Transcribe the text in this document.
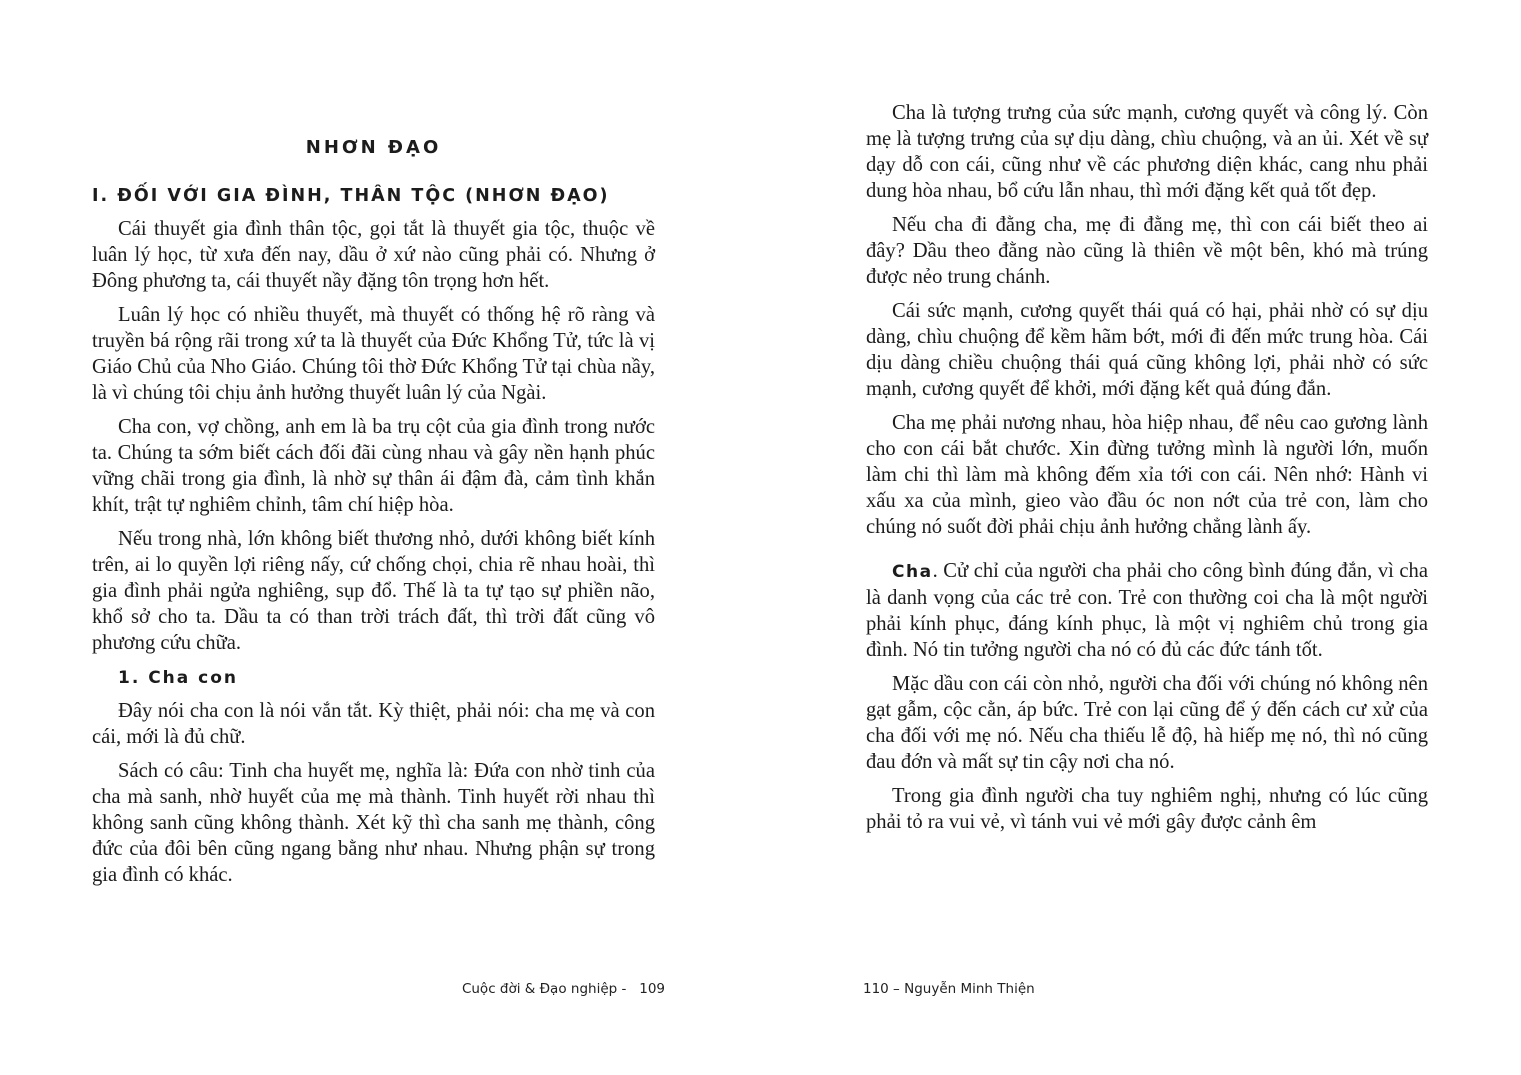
NHƠN ĐẠO
I. ĐỐI VỚI GIA ĐÌNH, THÂN TỘC (NHƠN ĐẠO)

Cái thuyết gia đình thân tộc, gọi tắt là thuyết gia tộc, thuộc về luân lý học, từ xưa đến nay, dầu ở xứ nào cũng phải có. Nhưng ở Đông phương ta, cái thuyết nầy đặng tôn trọng hơn hết.

Luân lý học có nhiều thuyết, mà thuyết có thống hệ rõ ràng và truyền bá rộng rãi trong xứ ta là thuyết của Đức Khổng Tử, tức là vị Giáo Chủ của Nho Giáo. Chúng tôi thờ Đức Khổng Tử tại chùa nầy, là vì chúng tôi chịu ảnh hưởng thuyết luân lý của Ngài.

Cha con, vợ chồng, anh em là ba trụ cột của gia đình trong nước ta. Chúng ta sớm biết cách đối đãi cùng nhau và gây nền hạnh phúc vững chãi trong gia đình, là nhờ sự thân ái đậm đà, cảm tình khắn khít, trật tự nghiêm chỉnh, tâm chí hiệp hòa.

Nếu trong nhà, lớn không biết thương nhỏ, dưới không biết kính trên, ai lo quyền lợi riêng nấy, cứ chống chọi, chia rẽ nhau hoài, thì gia đình phải ngửa nghiêng, sụp đổ. Thế là ta tự tạo sự phiền não, khổ sở cho ta. Dầu ta có than trời trách đất, thì trời đất cũng vô phương cứu chữa.

1. Cha con

Đây nói cha con là nói vắn tắt. Kỳ thiệt, phải nói: cha mẹ và con cái, mới là đủ chữ.

Sách có câu: Tinh cha huyết mẹ, nghĩa là: Đứa con nhờ tinh của cha mà sanh, nhờ huyết của mẹ mà thành. Tinh huyết rời nhau thì không sanh cũng không thành. Xét kỹ thì cha sanh mẹ thành, công đức của đôi bên cũng ngang bằng như nhau. Nhưng phận sự trong gia đình có khác.

Cuộc đời & Đạo nghiệp -   109

Cha là tượng trưng của sức mạnh, cương quyết và công lý. Còn mẹ là tượng trưng của sự dịu dàng, chìu chuộng, và an ủi. Xét về sự dạy dỗ con cái, cũng như về các phương diện khác, cang nhu phải dung hòa nhau, bổ cứu lẫn nhau, thì mới đặng kết quả tốt đẹp.

Nếu cha đi đằng cha, mẹ đi đằng mẹ, thì con cái biết theo ai đây? Dầu theo đằng nào cũng là thiên về một bên, khó mà trúng được nẻo trung chánh.

Cái sức mạnh, cương quyết thái quá có hại, phải nhờ có sự dịu dàng, chìu chuộng để kềm hãm bớt, mới đi đến mức trung hòa. Cái dịu dàng chiều chuộng thái quá cũng không lợi, phải nhờ có sức mạnh, cương quyết để khởi, mới đặng kết quả đúng đắn.

Cha mẹ phải nương nhau, hòa hiệp nhau, để nêu cao gương lành cho con cái bắt chước. Xin đừng tưởng mình là người lớn, muốn làm chi thì làm mà không đếm xỉa tới con cái. Nên nhớ: Hành vi xấu xa của mình, gieo vào đầu óc non nớt của trẻ con, làm cho chúng nó suốt đời phải chịu ảnh hưởng chẳng lành ấy.

Cha. Cử chỉ của người cha phải cho công bình đúng đắn, vì cha là danh vọng của các trẻ con. Trẻ con thường coi cha là một người phải kính phục, đáng kính phục, là một vị nghiêm chủ trong gia đình. Nó tin tưởng người cha nó có đủ các đức tánh tốt.

Mặc dầu con cái còn nhỏ, người cha đối với chúng nó không nên gạt gẫm, cộc cằn, áp bức. Trẻ con lại cũng để ý đến cách cư xử của cha đối với mẹ nó. Nếu cha thiếu lễ độ, hà hiếp mẹ nó, thì nó cũng đau đớn và mất sự tin cậy nơi cha nó.

Trong gia đình người cha tuy nghiêm nghị, nhưng có lúc cũng phải tỏ ra vui vẻ, vì tánh vui vẻ mới gây được cảnh êm

110 – Nguyễn Minh Thiện
